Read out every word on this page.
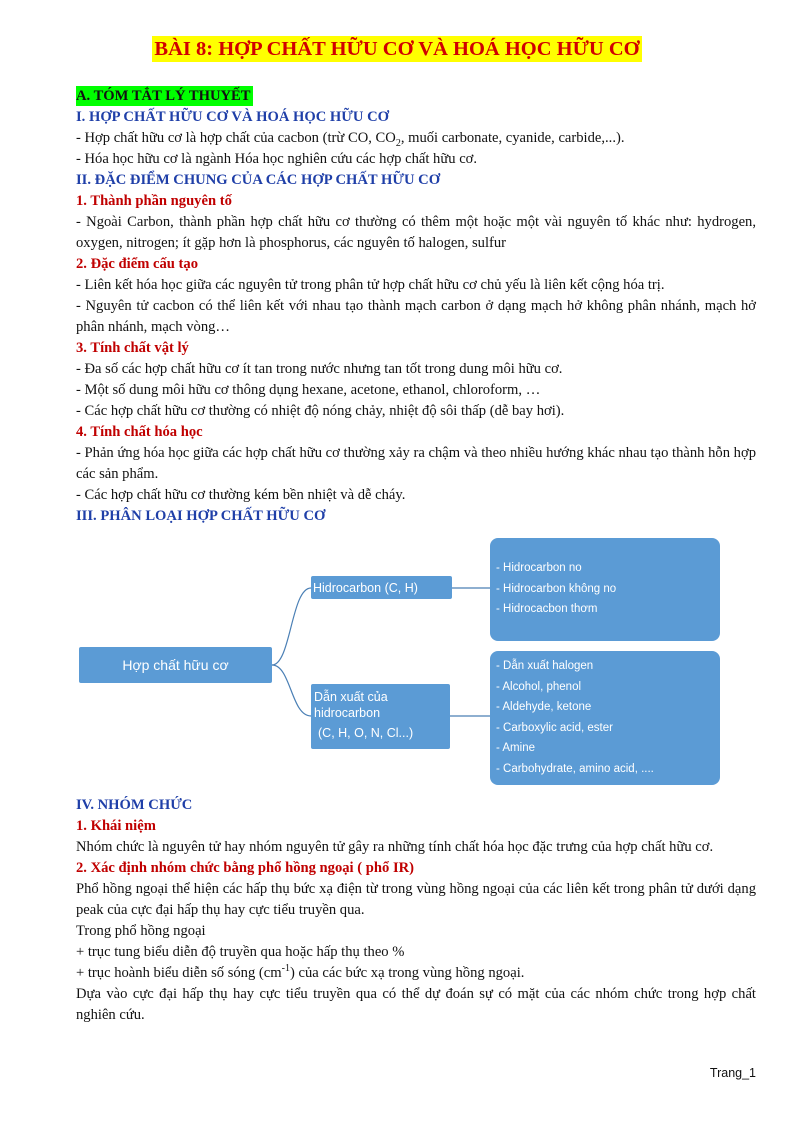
BÀI 8: HỢP CHẤT HỮU CƠ VÀ HOÁ HỌC HỮU CƠ
A. TÓM TẮT LÝ THUYẾT
I. HỢP CHẤT HỮU CƠ VÀ HOÁ HỌC HỮU CƠ
- Hợp chất hữu cơ là hợp chất của cacbon (trừ CO, $CO_2$, muối carbonate, cyanide, carbide,...).
- Hóa học hữu cơ là ngành Hóa học nghiên cứu các hợp chất hữu cơ.
II. ĐẶC ĐIỂM CHUNG CỦA CÁC HỢP CHẤT HỮU CƠ
1. Thành phần nguyên tố
- Ngoài Carbon, thành phần hợp chất hữu cơ thường có thêm một hoặc một vài nguyên tố khác như: hydrogen, oxygen, nitrogen; ít gặp hơn là phosphorus, các nguyên tố halogen, sulfur
2. Đặc điểm cấu tạo
- Liên kết hóa học giữa các nguyên tử trong phân tử hợp chất hữu cơ chủ yếu là liên kết cộng hóa trị.
- Nguyên tử cacbon có thể liên kết với nhau tạo thành mạch carbon ở dạng mạch hở không phân nhánh, mạch hở phân nhánh, mạch vòng…
3. Tính chất vật lý
- Đa số các hợp chất hữu cơ ít tan trong nước nhưng tan tốt trong dung môi hữu cơ.
- Một số dung môi hữu cơ thông dụng hexane, acetone, ethanol, chloroform, …
- Các hợp chất hữu cơ thường có nhiệt độ nóng chảy, nhiệt độ sôi thấp (dễ bay hơi).
4. Tính chất hóa học
- Phản ứng hóa học giữa các hợp chất hữu cơ thường xảy ra chậm và theo nhiều hướng khác nhau tạo thành hỗn hợp các sản phẩm.
- Các hợp chất hữu cơ thường kém bền nhiệt và dễ cháy.
III. PHÂN LOẠI HỢP CHẤT HỮU CƠ
Hợp chất hữu cơ
Hidrocarbon (C, H)
Dẫn xuất của
hidrocarbon
(C, H, O, N, Cl...)
- Hidrocarbon no
- Hidrocarbon không no
- Hidrocacbon thơm
- Dẫn xuất halogen
- Alcohol, phenol
- Aldehyde, ketone
- Carboxylic acid, ester
- Amine
- Carbohydrate, amino acid, ....
IV. NHÓM CHỨC
1. Khái niệm
Nhóm chức là nguyên tử hay nhóm nguyên tử gây ra những tính chất hóa học đặc trưng của hợp chất hữu cơ.
2. Xác định nhóm chức bằng phổ hồng ngoại ( phổ IR)
Phổ hồng ngoại thể hiện các hấp thụ bức xạ điện từ trong vùng hồng ngoại của các liên kết trong phân tử dưới dạng peak của cực đại hấp thụ hay cực tiểu truyền qua.
Trong phổ hồng ngoại
+ trục tung biểu diễn độ truyền qua hoặc hấp thụ theo %
+ trục hoành biểu diễn số sóng $(cm^{-1})$ của các bức xạ trong vùng hồng ngoại.
Dựa vào cực đại hấp thụ hay cực tiểu truyền qua có thể dự đoán sự có mặt của các nhóm chức trong hợp chất nghiên cứu.
Trang_1
